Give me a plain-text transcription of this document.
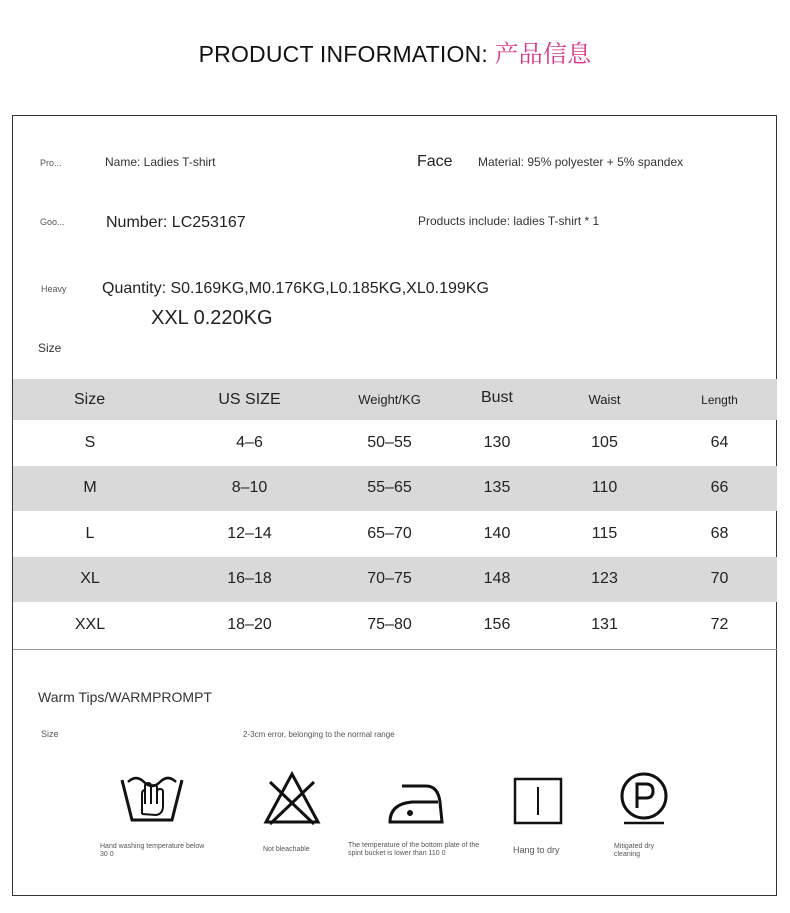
PRODUCT INFORMATION: 产品信息
Pro...	Name: Ladies T-shirt	Face Material: 95% polyester + 5% spandex
Goo...	Number: LC253167	Products include: ladies T-shirt * 1
Heavy Quantity: S0.169KG,M0.176KG,L0.185KG,XL0.199KG
XXL 0.220KG
Size
Size	US SIZE	Weight/KG	Bust	Waist	Length
S	4–6	50–55	130	105	64
M	8–10	55–65	135	110	66
L	12–14	65–70	140	115	68
XL	16–18	70–75	148	123	70
XXL	18–20	75–80	156	131	72
Warm Tips/WARMPROMPT
Size	2-3cm error, belonging to the normal range
Hand washing temperature below 30 0
Not bleachable
The temperature of the bottom plate of the spint bucket is lower than 110 0	Hang to dry	Mitigated dry cleaning
